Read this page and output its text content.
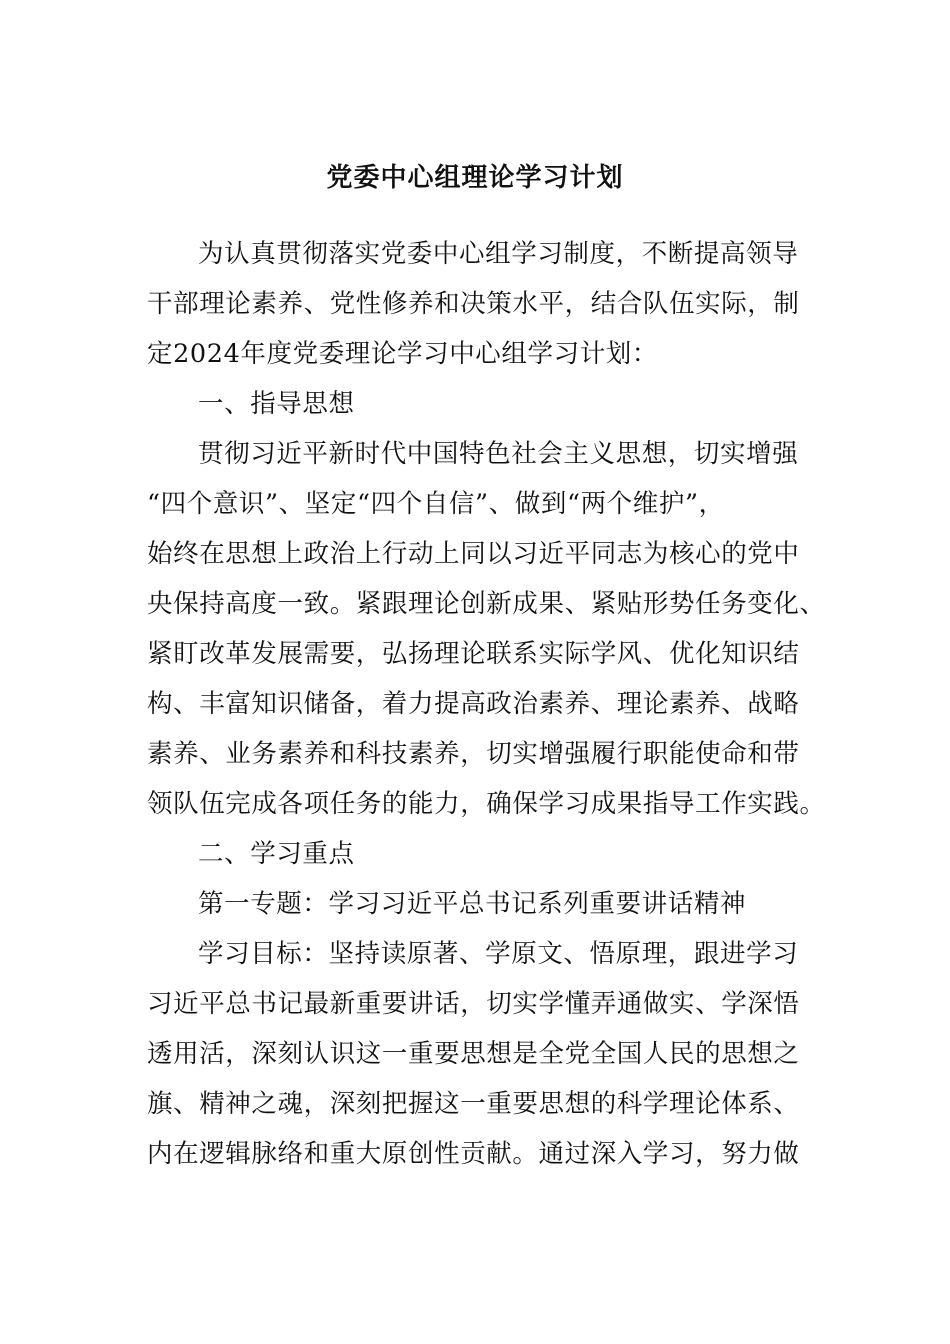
党委中心组理论学习计划
为认真贯彻落实党委中心组学习制度，不断提高领导
干部理论素养、党性修养和决策水平，结合队伍实际，制
定2024年度党委理论学习中心组学习计划：
一、指导思想
贯彻习近平新时代中国特色社会主义思想，切实增强
“四个意识”、坚定“四个自信”、做到“两个维护”，
始终在思想上政治上行动上同以习近平同志为核心的党中
央保持高度一致。紧跟理论创新成果、紧贴形势任务变化、
紧盯改革发展需要，弘扬理论联系实际学风、优化知识结
构、丰富知识储备，着力提高政治素养、理论素养、战略
素养、业务素养和科技素养，切实增强履行职能使命和带
领队伍完成各项任务的能力，确保学习成果指导工作实践。
二、学习重点
第一专题：学习习近平总书记系列重要讲话精神
学习目标：坚持读原著、学原文、悟原理，跟进学习
习近平总书记最新重要讲话，切实学懂弄通做实、学深悟
透用活，深刻认识这一重要思想是全党全国人民的思想之
旗、精神之魂，深刻把握这一重要思想的科学理论体系、
内在逻辑脉络和重大原创性贡献。通过深入学习，努力做
